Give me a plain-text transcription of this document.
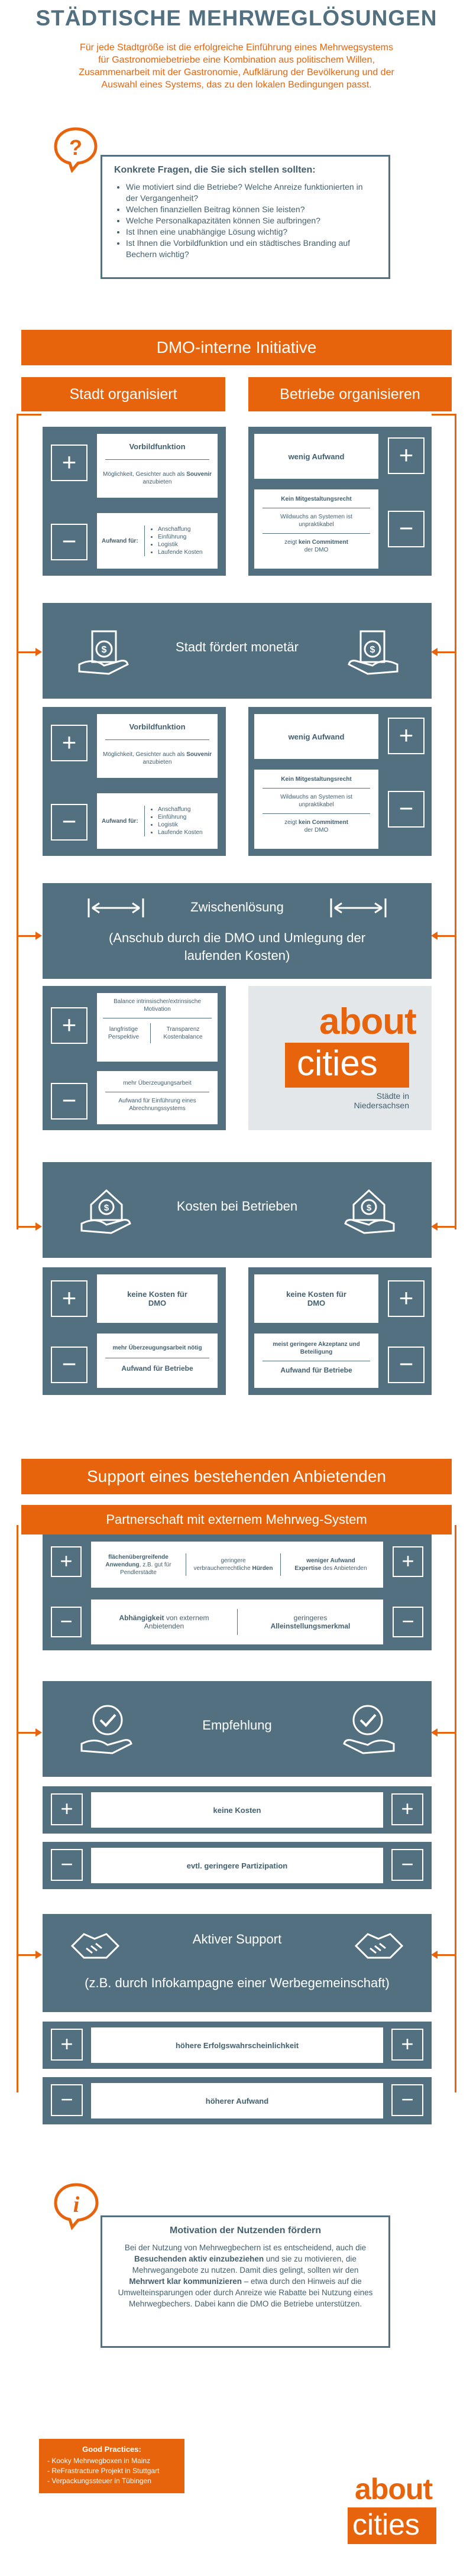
STÄDTISCHE MEHRWEGLÖSUNGEN
Für jede Stadtgröße ist die erfolgreiche Einführung eines Mehrwegsystems
für Gastronomiebetriebe eine Kombination aus politischem Willen,
Zusammenarbeit mit der Gastronomie, Aufklärung der Bevölkerung und der
Auswahl eines Systems, das zu den lokalen Bedingungen passt.
?
Konkrete Fragen, die Sie sich stellen sollten:
• Wie motiviert sind die Betriebe? Welche Anreize funktionierten in der Vergangenheit?
• Welchen finanziellen Beitrag können Sie leisten?
• Welche Personalkapazitäten können Sie aufbringen?
• Ist Ihnen eine unabhängige Lösung wichtig?
• Ist Ihnen die Vorbildfunktion und ein städtisches Branding auf Bechern wichtig?
DMO-interne Initiative
Stadt organisiert	Betriebe organisieren
+
Vorbildfunktion
Möglichkeit, Gesichter auch als Souvenir anzubieten
−	Aufwand für:
• Anschaffung
• Einführung
• Logistik
• Laufende Kosten
wenig Aufwand	+
Kein Mitgestaltungsrecht
Wildwuchs an Systemen ist unpraktikabel
zeigt kein Commitment
der DMO
−
$	Stadt fördert monetär	$
+
Vorbildfunktion
Möglichkeit, Gesichter auch als Souvenir anzubieten
−	Aufwand für:
• Anschaffung
• Einführung
• Logistik
• Laufende Kosten
wenig Aufwand	+
Kein Mitgestaltungsrecht
Wildwuchs an Systemen ist unpraktikabel
zeigt kein Commitment
der DMO
−
Zwischenlösung
(Anschub durch die DMO und Umlegung der
laufenden Kosten)
+
Balance intrinsischer/extrinsische Motivation
langfristige Perspektive
Transparenz Kostenbalance
−
mehr Überzeugungsarbeit
Aufwand für Einführung eines Abrechnungssystems
about
cities
Städte in
Niedersachsen
$	Kosten bei Betrieben	$
+	keine Kosten für DMO
−
mehr Überzeugungsarbeit nötig
Aufwand für Betriebe
keine Kosten für DMO	+
meist geringere Akzeptanz und Beteiligung
Aufwand für Betriebe	−
Support eines bestehenden Anbietenden
Partnerschaft mit externem Mehrweg-System
+	flächenübergreifende Anwendung, z.B. gut für Pendlerstädte
geringere verbraucherrechtliche Hürden
weniger Aufwand
Expertise des Anbietenden	+
−	Abhängigkeit von externem Anbietenden
geringeres Alleinstellungsmerkmal	−
Empfehlung
+	keine Kosten	+
−	evtl. geringere Partizipation	−
Aktiver Support
(z.B. durch Infokampagne einer Werbegemeinschaft)
+	höhere Erfolgswahrscheinlichkeit	+
−	höherer Aufwand	−
i
Motivation der Nutzenden fördern

Bei der Nutzung von Mehrwegbechern ist es entscheidend, auch die Besuchenden aktiv einzubeziehen und sie zu motivieren, die Mehrwegangebote zu nutzen. Damit dies gelingt, sollten wir den Mehrwert klar kommunizieren – etwa durch den Hinweis auf die Umwelteinsparungen oder durch Anreize wie Rabatte bei Nutzung eines Mehrwegbechers. Dabei kann die DMO die Betriebe unterstützen.

Good Practices:
- Kooky Mehrwegboxen in Mainz
- ReFrastracture Projekt in Stuttgart
- Verpackungssteuer in Tübingen	about
cities
